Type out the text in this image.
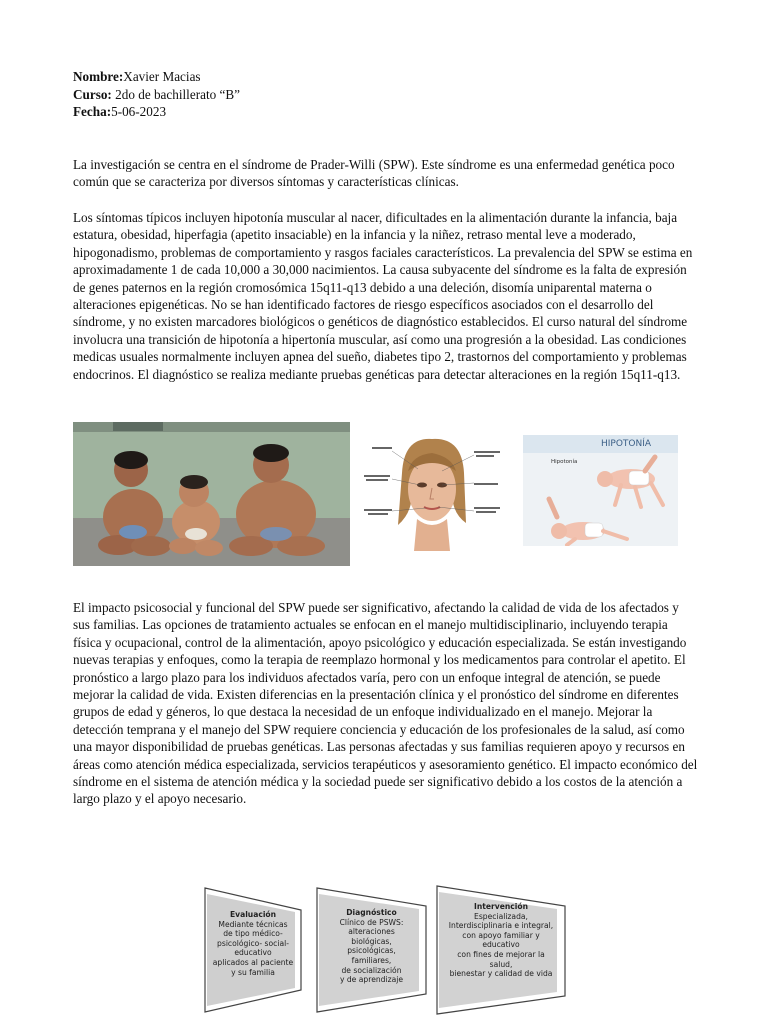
Nombre:Xavier Macias
Curso: 2do de bachillerato “B”
Fecha:5-06-2023

La investigación se centra en el síndrome de Prader-Willi (SPW). Este síndrome es una enfermedad genética poco común que se caracteriza por diversos síntomas y características clínicas.

Los síntomas típicos incluyen hipotonía muscular al nacer, dificultades en la alimentación durante la infancia, baja estatura, obesidad, hiperfagia (apetito insaciable) en la infancia y la niñez, retraso mental leve a moderado, hipogonadismo, problemas de comportamiento y rasgos faciales característicos. La prevalencia del SPW se estima en aproximadamente 1 de cada 10,000 a 30,000 nacimientos. La causa subyacente del síndrome es la falta de expresión de genes paternos en la región cromosómica 15q11-q13 debido a una deleción, disomía uniparental materna o alteraciones epigenéticas. No se han identificado factores de riesgo específicos asociados con el desarrollo del síndrome, y no existen marcadores biológicos o genéticos de diagnóstico establecidos. El curso natural del síndrome involucra una transición de hipotonía a hipertonía muscular, así como una progresión a la obesidad. Las condiciones medicas usuales normalmente incluyen apnea del sueño, diabetes tipo 2, trastornos del comportamiento y problemas endocrinos. El diagnóstico se realiza mediante pruebas genéticas para detectar alteraciones en la región 15q11-q13.

HIPOTONÍA
Hipotonía

El impacto psicosocial y funcional del SPW puede ser significativo, afectando la calidad de vida de los afectados y sus familias. Las opciones de tratamiento actuales se enfocan en el manejo multidisciplinario, incluyendo terapia física y ocupacional, control de la alimentación, apoyo psicológico y educación especializada. Se están investigando nuevas terapias y enfoques, como la terapia de reemplazo hormonal y los medicamentos para controlar el apetito. El pronóstico a largo plazo para los individuos afectados varía, pero con un enfoque integral de atención, se puede mejorar la calidad de vida. Existen diferencias en la presentación clínica y el pronóstico del síndrome en diferentes grupos de edad y géneros, lo que destaca la necesidad de un enfoque individualizado en el manejo. Mejorar la detección temprana y el manejo del SPW requiere conciencia y educación de los profesionales de la salud, así como una mayor disponibilidad de pruebas genéticas. Las personas afectadas y sus familias requieren apoyo y recursos en áreas como atención médica especializada, servicios terapéuticos y asesoramiento genético. El impacto económico del síndrome en el sistema de atención médica y la sociedad puede ser significativo debido a los costos de la atención a largo plazo y el apoyo necesario.

Evaluación
Mediante técnicas
de tipo médico-
psicológico- social-
educativo
aplicados al paciente
y su familia
Diagnóstico
Clínico de PSWS:
alteraciones
biológicas,
psicológicas,
familiares,
de socialización
y de aprendizaje
Intervención
Especializada,
Interdisciplinaria e integral,
con apoyo familiar y
educativo
con fines de mejorar la
salud,
bienestar y calidad de vida
